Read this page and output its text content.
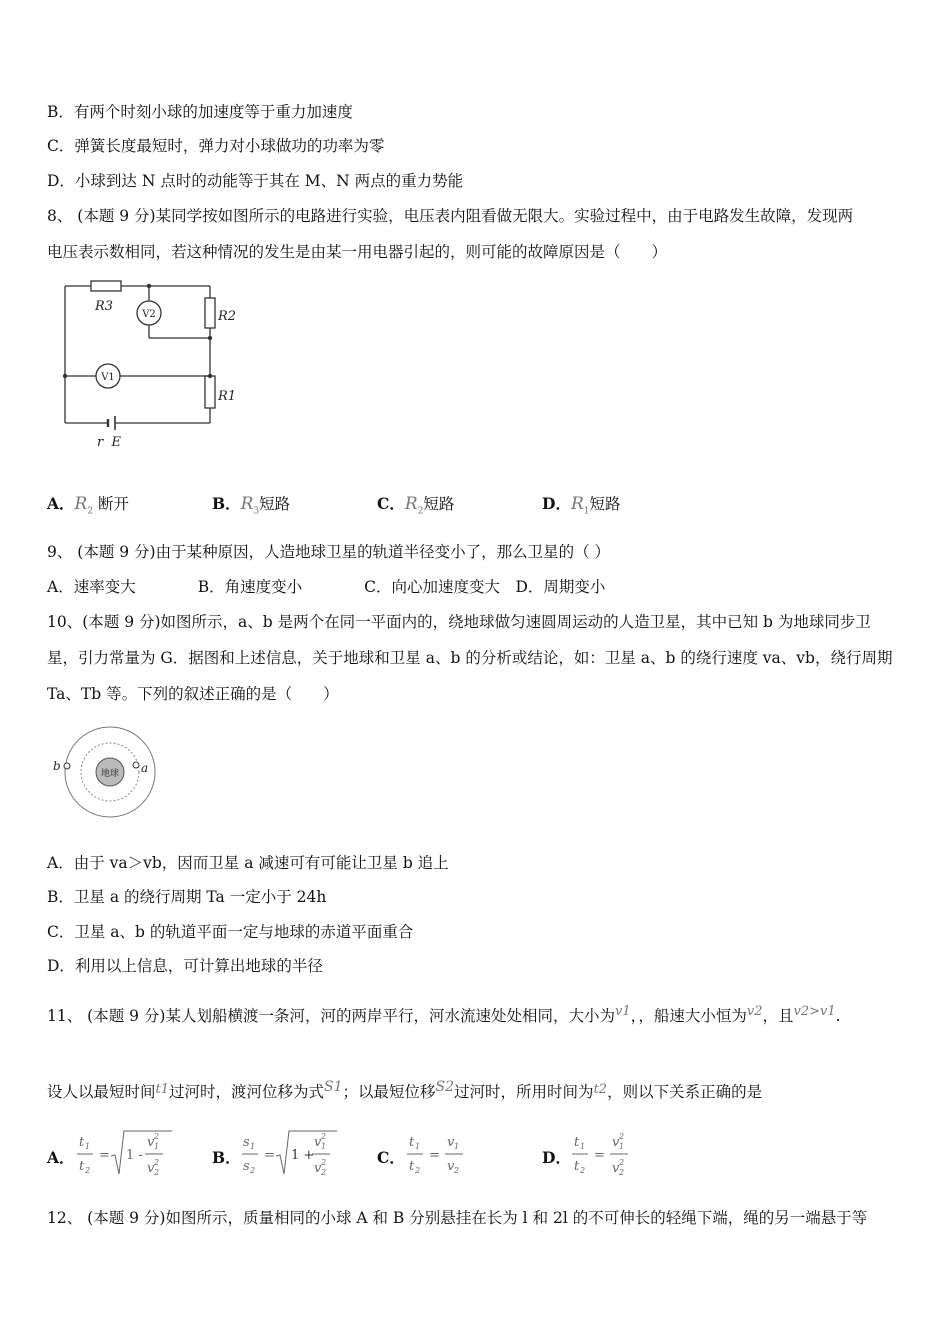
B．有两个时刻小球的加速度等于重力加速度
C．弹簧长度最短时，弹力对小球做功的功率为零
D．小球到达 N 点时的动能等于其在 M、N 两点的重力势能
8、 (本题 9 分)某同学按如图所示的电路进行实验，电压表内阻看做无限大。实验过程中，由于电路发生故障，发现两
电压表示数相同，若这种情况的发生是由某一用电器引起的，则可能的故障原因是（　　）
R3
R2
R1
r  E
V2
V1
A．$R_2$ 断开	B．$R_3$短路	C．$R_2$短路	D．$R_1$短路
9、 (本题 9 分)由于某种原因，人造地球卫星的轨道半径变小了，那么卫星的（ ）
A．速率变大　　　　B．角速度变小　　　　C．向心加速度变大　D．周期变小
10、(本题 9 分)如图所示，a、b 是两个在同一平面内的，绕地球做匀速圆周运动的人造卫星，其中已知 b 为地球同步卫
星，引力常量为 G．据图和上述信息，关于地球和卫星 a、b 的分析或结论，如：卫星 a、b 的绕行速度 va、vb，绕行周期
Ta、Tb 等。下列的叙述正确的是（　　）
地球 a
b
A．由于 va＞vb，因而卫星 a 减速可有可能让卫星 b 追上
B．卫星 a 的绕行周期 Ta 一定小于 24h
C．卫星 a、b 的轨道平面一定与地球的赤道平面重合
D．利用以上信息，可计算出地球的半径
11、 (本题 9 分)某人划船横渡一条河，河的两岸平行，河水流速处处相同，大小为$^{v1}$，，船速大小恒为$^{v2}$，且$^{v2>v1}$.
设人以最短时间$^{t1}$过河时，渡河位移为式S1；以最短位移S2过河时，所用时间为$^{t2}$，则以下关系正确的是
A．
t 1
t 2
= 1 -
v 1
2
v 2
2	B．
s 1
s 2
= 1 +
v 1
2
v 2
2	C．
t 1
t 2
=
v 1
v 2
D．
t 1
t 2
=
v 1
2
v 2
2
12、 (本题 9 分)如图所示，质量相同的小球 A 和 B 分别悬挂在长为 l 和 2l 的不可伸长的轻绳下端，绳的另一端悬于等
